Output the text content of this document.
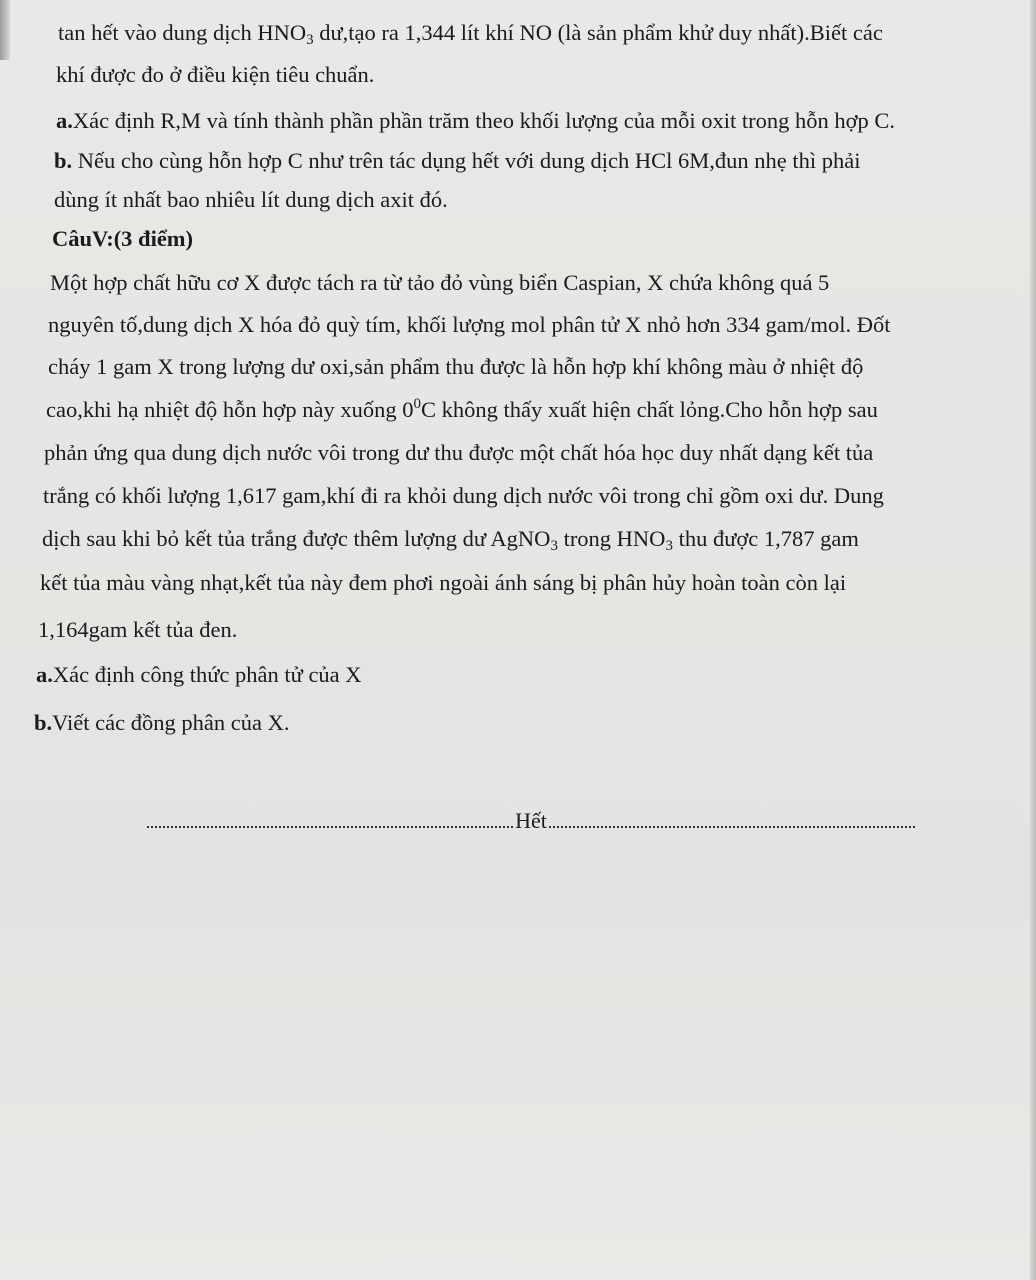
tan hết vào dung dịch $HNO_3$ dư,tạo ra 1,344 lít khí NO (là sản phẩm khử duy nhất).Biết các
khí được đo ở điều kiện tiêu chuẩn.
a.Xác định R,M và tính thành phần phần trăm theo khối lượng của mỗi oxit trong hỗn hợp C.
b. Nếu cho cùng hỗn hợp C như trên tác dụng hết với dung dịch HCl 6M,đun nhẹ thì phải
dùng ít nhất bao nhiêu lít dung dịch axit đó.
CâuV:(3 điểm)
Một hợp chất hữu cơ X được tách ra từ tảo đỏ vùng biển Caspian, X chứa không quá 5
nguyên tố,dung dịch X hóa đỏ quỳ tím, khối lượng mol phân tử X nhỏ hơn 334 gam/mol. Đốt
cháy 1 gam X trong lượng dư oxi,sản phẩm thu được là hỗn hợp khí không màu ở nhiệt độ
cao,khi hạ nhiệt độ hỗn hợp này xuống $0^0C$ không thấy xuất hiện chất lỏng.Cho hỗn hợp sau
phản ứng qua dung dịch nước vôi trong dư thu được một chất hóa học duy nhất dạng kết tủa
trắng có khối lượng 1,617 gam,khí đi ra khỏi dung dịch nước vôi trong chỉ gồm oxi dư. Dung
dịch sau khi bỏ kết tủa trắng được thêm lượng dư AgNO$_3$ trong $HNO_3$ thu được 1,787 gam
kết tủa màu vàng nhạt,kết tủa này đem phơi ngoài ánh sáng bị phân hủy hoàn toàn còn lại
1,164gam kết tủa đen.
a.Xác định công thức phân tử của X
b.Viết các đồng phân của X.
Hết
